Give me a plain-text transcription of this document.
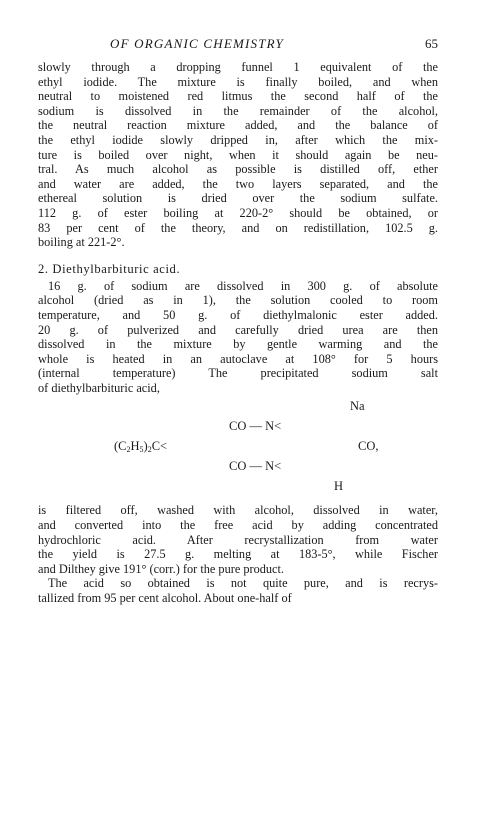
OF ORGANIC CHEMISTRY	65

slowly through a dropping funnel 1 equivalent of the
ethyl iodide. The mixture is finally boiled, and when
neutral to moistened red litmus the second half of the
sodium is dissolved in the remainder of the alcohol,
the neutral reaction mixture added, and the balance of
the ethyl iodide slowly dripped in, after which the mix-
ture is boiled over night, when it should again be neu-
tral. As much alcohol as possible is distilled off, ether
and water are added, the two layers separated, and the
ethereal solution is dried over the sodium sulfate.
112 g. of ester boiling at 220-2° should be obtained, or
83 per cent of the theory, and on redistillation, 102.5 g.
boiling at 221-2°.

2. Diethylbarbituric acid.

16 g. of sodium are dissolved in 300 g. of absolute
alcohol (dried as in 1), the solution cooled to room
temperature, and 50 g. of diethylmalonic ester added.
20 g. of pulverized and carefully dried urea are then
dissolved in the mixture by gentle warming and the
whole is heated in an autoclave at 108° for 5 hours
(internal temperature) The precipitated sodium salt
of diethylbarbituric acid,

Na
CO — N<
$(C_2H_5)_2C<$	CO,
CO — N<
H

is filtered off, washed with alcohol, dissolved in water,
and converted into the free acid by adding concentrated
hydrochloric acid. After recrystallization from water
the yield is 27.5 g. melting at 183-5°, while Fischer
and Dilthey give 191° (corr.) for the pure product.

The acid so obtained is not quite pure, and is recrys-
tallized from 95 per cent alcohol. About one-half of
